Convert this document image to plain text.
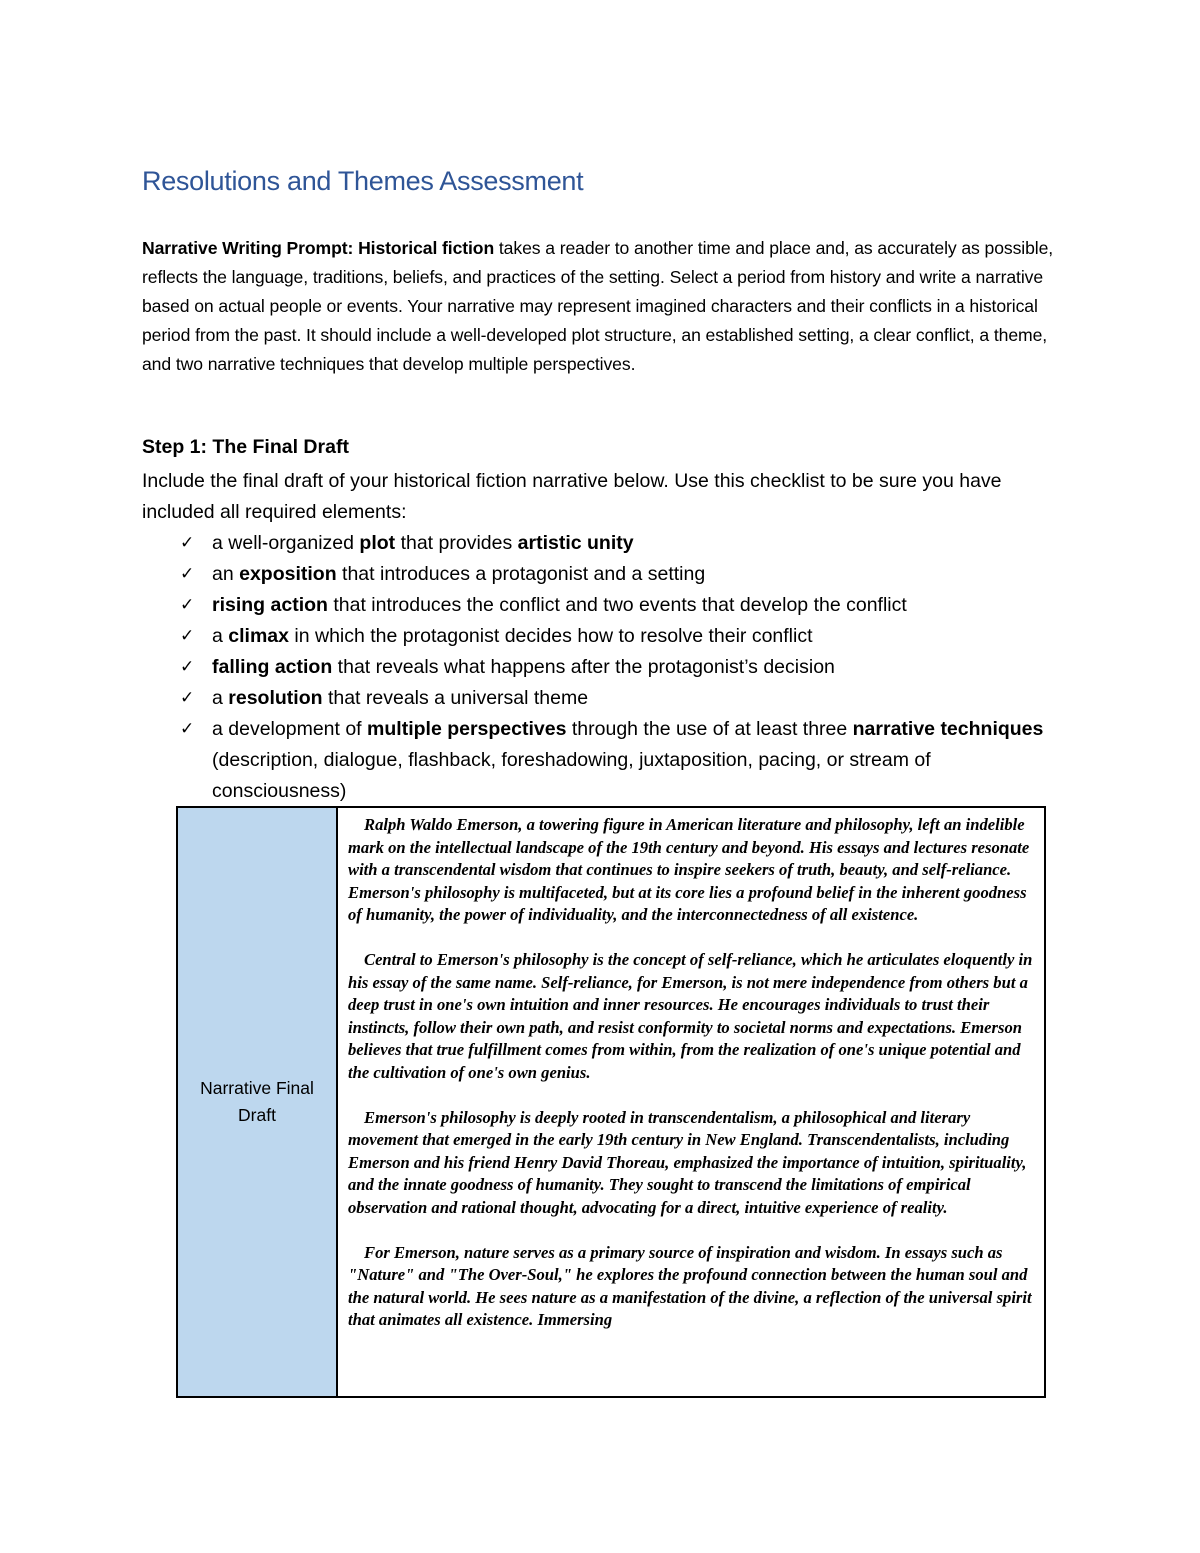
Resolutions and Themes Assessment
Narrative Writing Prompt: Historical fiction takes a reader to another time and place and, as accurately as possible, reflects the language, traditions, beliefs, and practices of the setting. Select a period from history and write a narrative based on actual people or events. Your narrative may represent imagined characters and their conflicts in a historical period from the past. It should include a well-developed plot structure, an established setting, a clear conflict, a theme, and two narrative techniques that develop multiple perspectives.
Step 1: The Final Draft
Include the final draft of your historical fiction narrative below. Use this checklist to be sure you have included all required elements:
✓ a well-organized plot that provides artistic unity
✓ an exposition that introduces a protagonist and a setting
✓ rising action that introduces the conflict and two events that develop the conflict
✓ a climax in which the protagonist decides how to resolve their conflict
✓ falling action that reveals what happens after the protagonist’s decision
✓ a resolution that reveals a universal theme
✓ a development of multiple perspectives through the use of at least three narrative techniques (description, dialogue, flashback, foreshadowing, juxtaposition, pacing, or stream of consciousness)
Narrative Final Draft

Ralph Waldo Emerson, a towering figure in American literature and philosophy, left an indelible mark on the intellectual landscape of the 19th century and beyond. His essays and lectures resonate with a transcendental wisdom that continues to inspire seekers of truth, beauty, and self-reliance. Emerson's philosophy is multifaceted, but at its core lies a profound belief in the inherent goodness of humanity, the power of individuality, and the interconnectedness of all existence.

Central to Emerson's philosophy is the concept of self-reliance, which he articulates eloquently in his essay of the same name. Self-reliance, for Emerson, is not mere independence from others but a deep trust in one's own intuition and inner resources. He encourages individuals to trust their instincts, follow their own path, and resist conformity to societal norms and expectations. Emerson believes that true fulfillment comes from within, from the realization of one's unique potential and the cultivation of one's own genius.

Emerson's philosophy is deeply rooted in transcendentalism, a philosophical and literary movement that emerged in the early 19th century in New England. Transcendentalists, including Emerson and his friend Henry David Thoreau, emphasized the importance of intuition, spirituality, and the innate goodness of humanity. They sought to transcend the limitations of empirical observation and rational thought, advocating for a direct, intuitive experience of reality.

For Emerson, nature serves as a primary source of inspiration and wisdom. In essays such as "Nature" and "The Over-Soul," he explores the profound connection between the human soul and the natural world. He sees nature as a manifestation of the divine, a reflection of the universal spirit that animates all existence. Immersing
